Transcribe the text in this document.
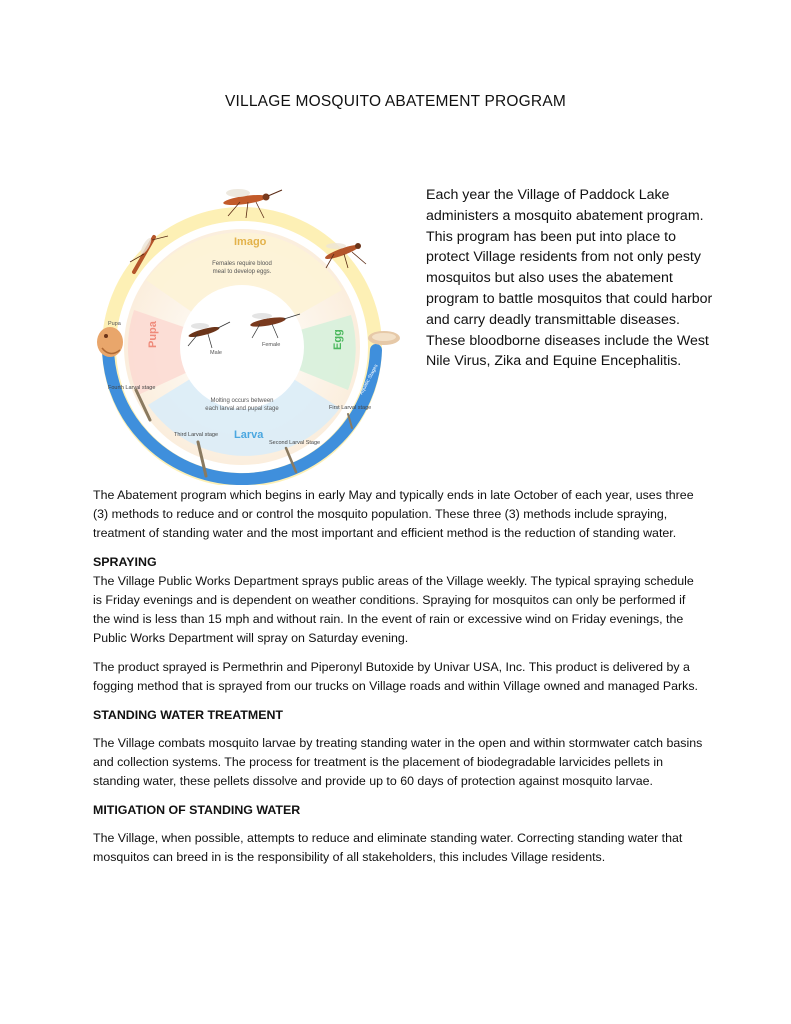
VILLAGE MOSQUITO ABATEMENT PROGRAM
Imago
Pupa	Egg
Larva
Females require blood
meal to develop eggs.
Molting occurs between
each larval and pupal stage
Male
Female
Pupa
First Larval stage
Second Larval Stage
Third Larval stage
Fourth Larval stage	Aquatic Stages

Each year the Village of Paddock Lake administers a mosquito abatement program. This program has been put into place to protect Village residents from not only pesty mosquitos but also uses the abatement program to battle mosquitos that could harbor and carry deadly transmittable diseases. These bloodborne diseases include the West Nile Virus, Zika and Equine Encephalitis.

The Abatement program which begins in early May and typically ends in late October of each year, uses three (3) methods to reduce and or control the mosquito population. These three (3) methods include spraying, treatment of standing water and the most important and efficient method is the reduction of standing water.

SPRAYING

The Village Public Works Department sprays public areas of the Village weekly. The typical spraying schedule is Friday evenings and is dependent on weather conditions. Spraying for mosquitos can only be performed if the wind is less than 15 mph and without rain. In the event of rain or excessive wind on Friday evenings, the Public Works Department will spray on Saturday evening.

The product sprayed is Permethrin and Piperonyl Butoxide by Univar USA, Inc. This product is delivered by a fogging method that is sprayed from our trucks on Village roads and within Village owned and managed Parks.

STANDING WATER TREATMENT

The Village combats mosquito larvae by treating standing water in the open and within stormwater catch basins and collection systems. The process for treatment is the placement of biodegradable larvicides pellets in standing water, these pellets dissolve and provide up to 60 days of protection against mosquito larvae.

MITIGATION OF STANDING WATER

The Village, when possible, attempts to reduce and eliminate standing water. Correcting standing water that mosquitos can breed in is the responsibility of all stakeholders, this includes Village residents.
